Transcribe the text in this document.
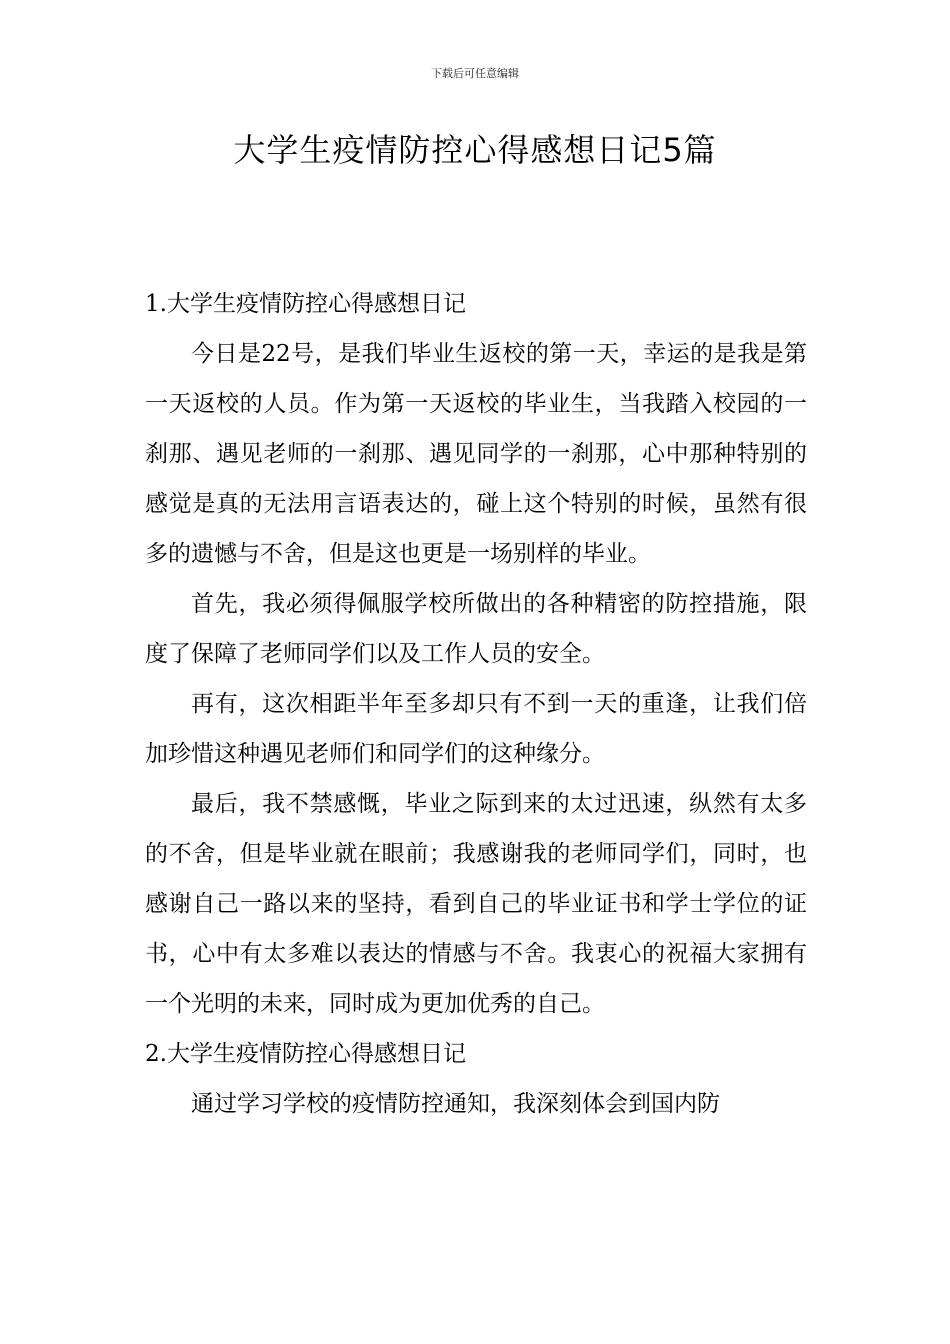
下载后可任意编辑
大学生疫情防控心得感想日记5篇

1.大学生疫情防控心得感想日记

今日是22号，是我们毕业生返校的第一天，幸运的是我是第一天返校的人员。作为第一天返校的毕业生，当我踏入校园的一刹那、遇见老师的一刹那、遇见同学的一刹那，心中那种特别的感觉是真的无法用言语表达的，碰上这个特别的时候，虽然有很多的遗憾与不舍，但是这也更是一场别样的毕业。

首先，我必须得佩服学校所做出的各种精密的防控措施，限度了保障了老师同学们以及工作人员的安全。

再有，这次相距半年至多却只有不到一天的重逢，让我们倍加珍惜这种遇见老师们和同学们的这种缘分。

最后，我不禁感慨，毕业之际到来的太过迅速，纵然有太多的不舍，但是毕业就在眼前；我感谢我的老师同学们，同时，也感谢自己一路以来的坚持，看到自己的毕业证书和学士学位的证书，心中有太多难以表达的情感与不舍。我衷心的祝福大家拥有一个光明的未来，同时成为更加优秀的自己。

2.大学生疫情防控心得感想日记

通过学习学校的疫情防控通知，我深刻体会到国内防
